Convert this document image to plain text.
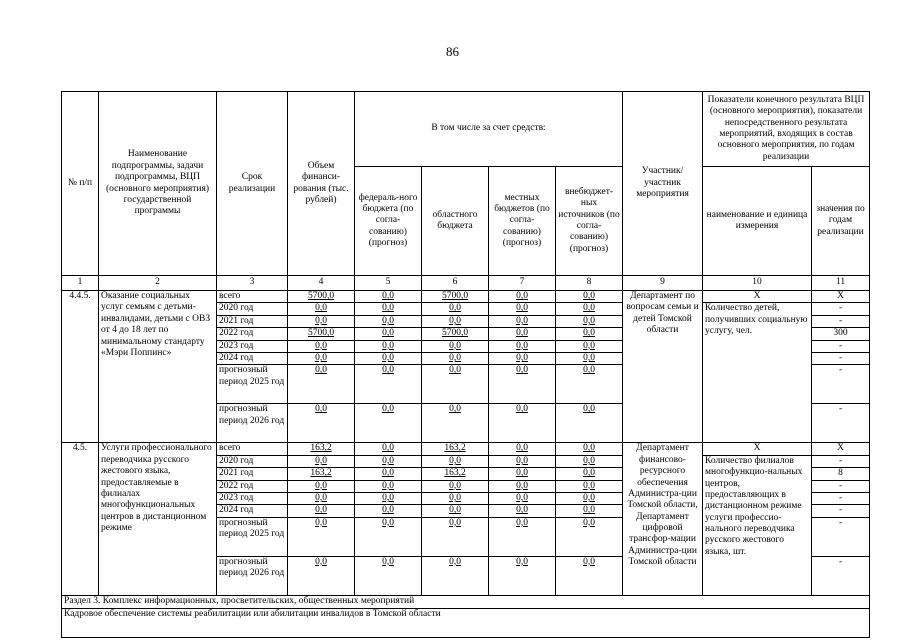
86
№ п/п	Наименование подпрограммы, задачи подпрограммы, ВЦП (основного мероприятия) государственной программы	Срок реализации	Объем финанси-рования (тыс. рублей)	В том числе за счет средств:				Участник/ участник мероприятия	Показатели конечного результата ВЦП (основного мероприятия), показатели непосредственного результата мероприятий, входящих в состав основного мероприятия, по годам реализации	
				федераль-ного бюджета (по согла-сованию) (прогноз)	областного бюджета	местных бюджетов (по согла-сованию) (прогноз)	внебюджет-ных источников (по согла-сованию) (прогноз)		наименование и единица измерения	значения по годам реализации
1	2	3	4	5	6	7	8	9	10	11
4.4.5.	Оказание социальных услуг семьям с детьми-инвалидами, детьми с ОВЗ от 4 до 18 лет по минимальному стандарту «Мэри Поппинс»	всего	5700,0	0,0	5700,0	0,0	0,0	Департамент по вопросам семьи и детей Томской области	X	X
		2020 год	0,0	0,0	0,0	0,0	0,0		Количество детей, получивших социальную услугу, чел.	-
		2021 год	0,0	0,0	0,0	0,0	0,0			-
		2022 год	5700,0	0,0	5700,0	0,0	0,0			300
		2023 год	0,0	0,0	0,0	0,0	0,0			-
		2024 год	0,0	0,0	0,0	0,0	0,0			-
		прогнозный период 2025 год	0,0	0,0	0,0	0,0	0,0			-
		прогнозный период 2026 год	0,0	0,0	0,0	0,0	0,0			-
4.5.	Услуги профессионального переводчика русского жестового языка, предоставляемые в филиалах многофункциональных центров в дистанционном режиме	всего	163,2	0,0	163,2	0,0	0,0	Департамент финансово-ресурсного обеспечения Администра-ции Томской области, Департамент цифровой трансфор-мации Администра-ции Томской области	X	X
		2020 год	0,0	0,0	0,0	0,0	0,0		Количество филиалов многофункцио-нальных центров, предоставляющих в дистанционном режиме услуги профессио-нального переводчика русского жестового языка, шт.	-
		2021 год	163,2	0,0	163,2	0,0	0,0			8
		2022 год	0,0	0,0	0,0	0,0	0,0			-
		2023 год	0,0	0,0	0,0	0,0	0,0			-
		2024 год	0,0	0,0	0,0	0,0	0,0			-
		прогнозный период 2025 год	0,0	0,0	0,0	0,0	0,0			-
		прогнозный период 2026 год	0,0	0,0	0,0	0,0	0,0			-
Раздел 3. Комплекс информационных, просветительских, общественных мероприятий										
Кадровое обеспечение системы реабилитации или абилитации инвалидов в Томской области										
